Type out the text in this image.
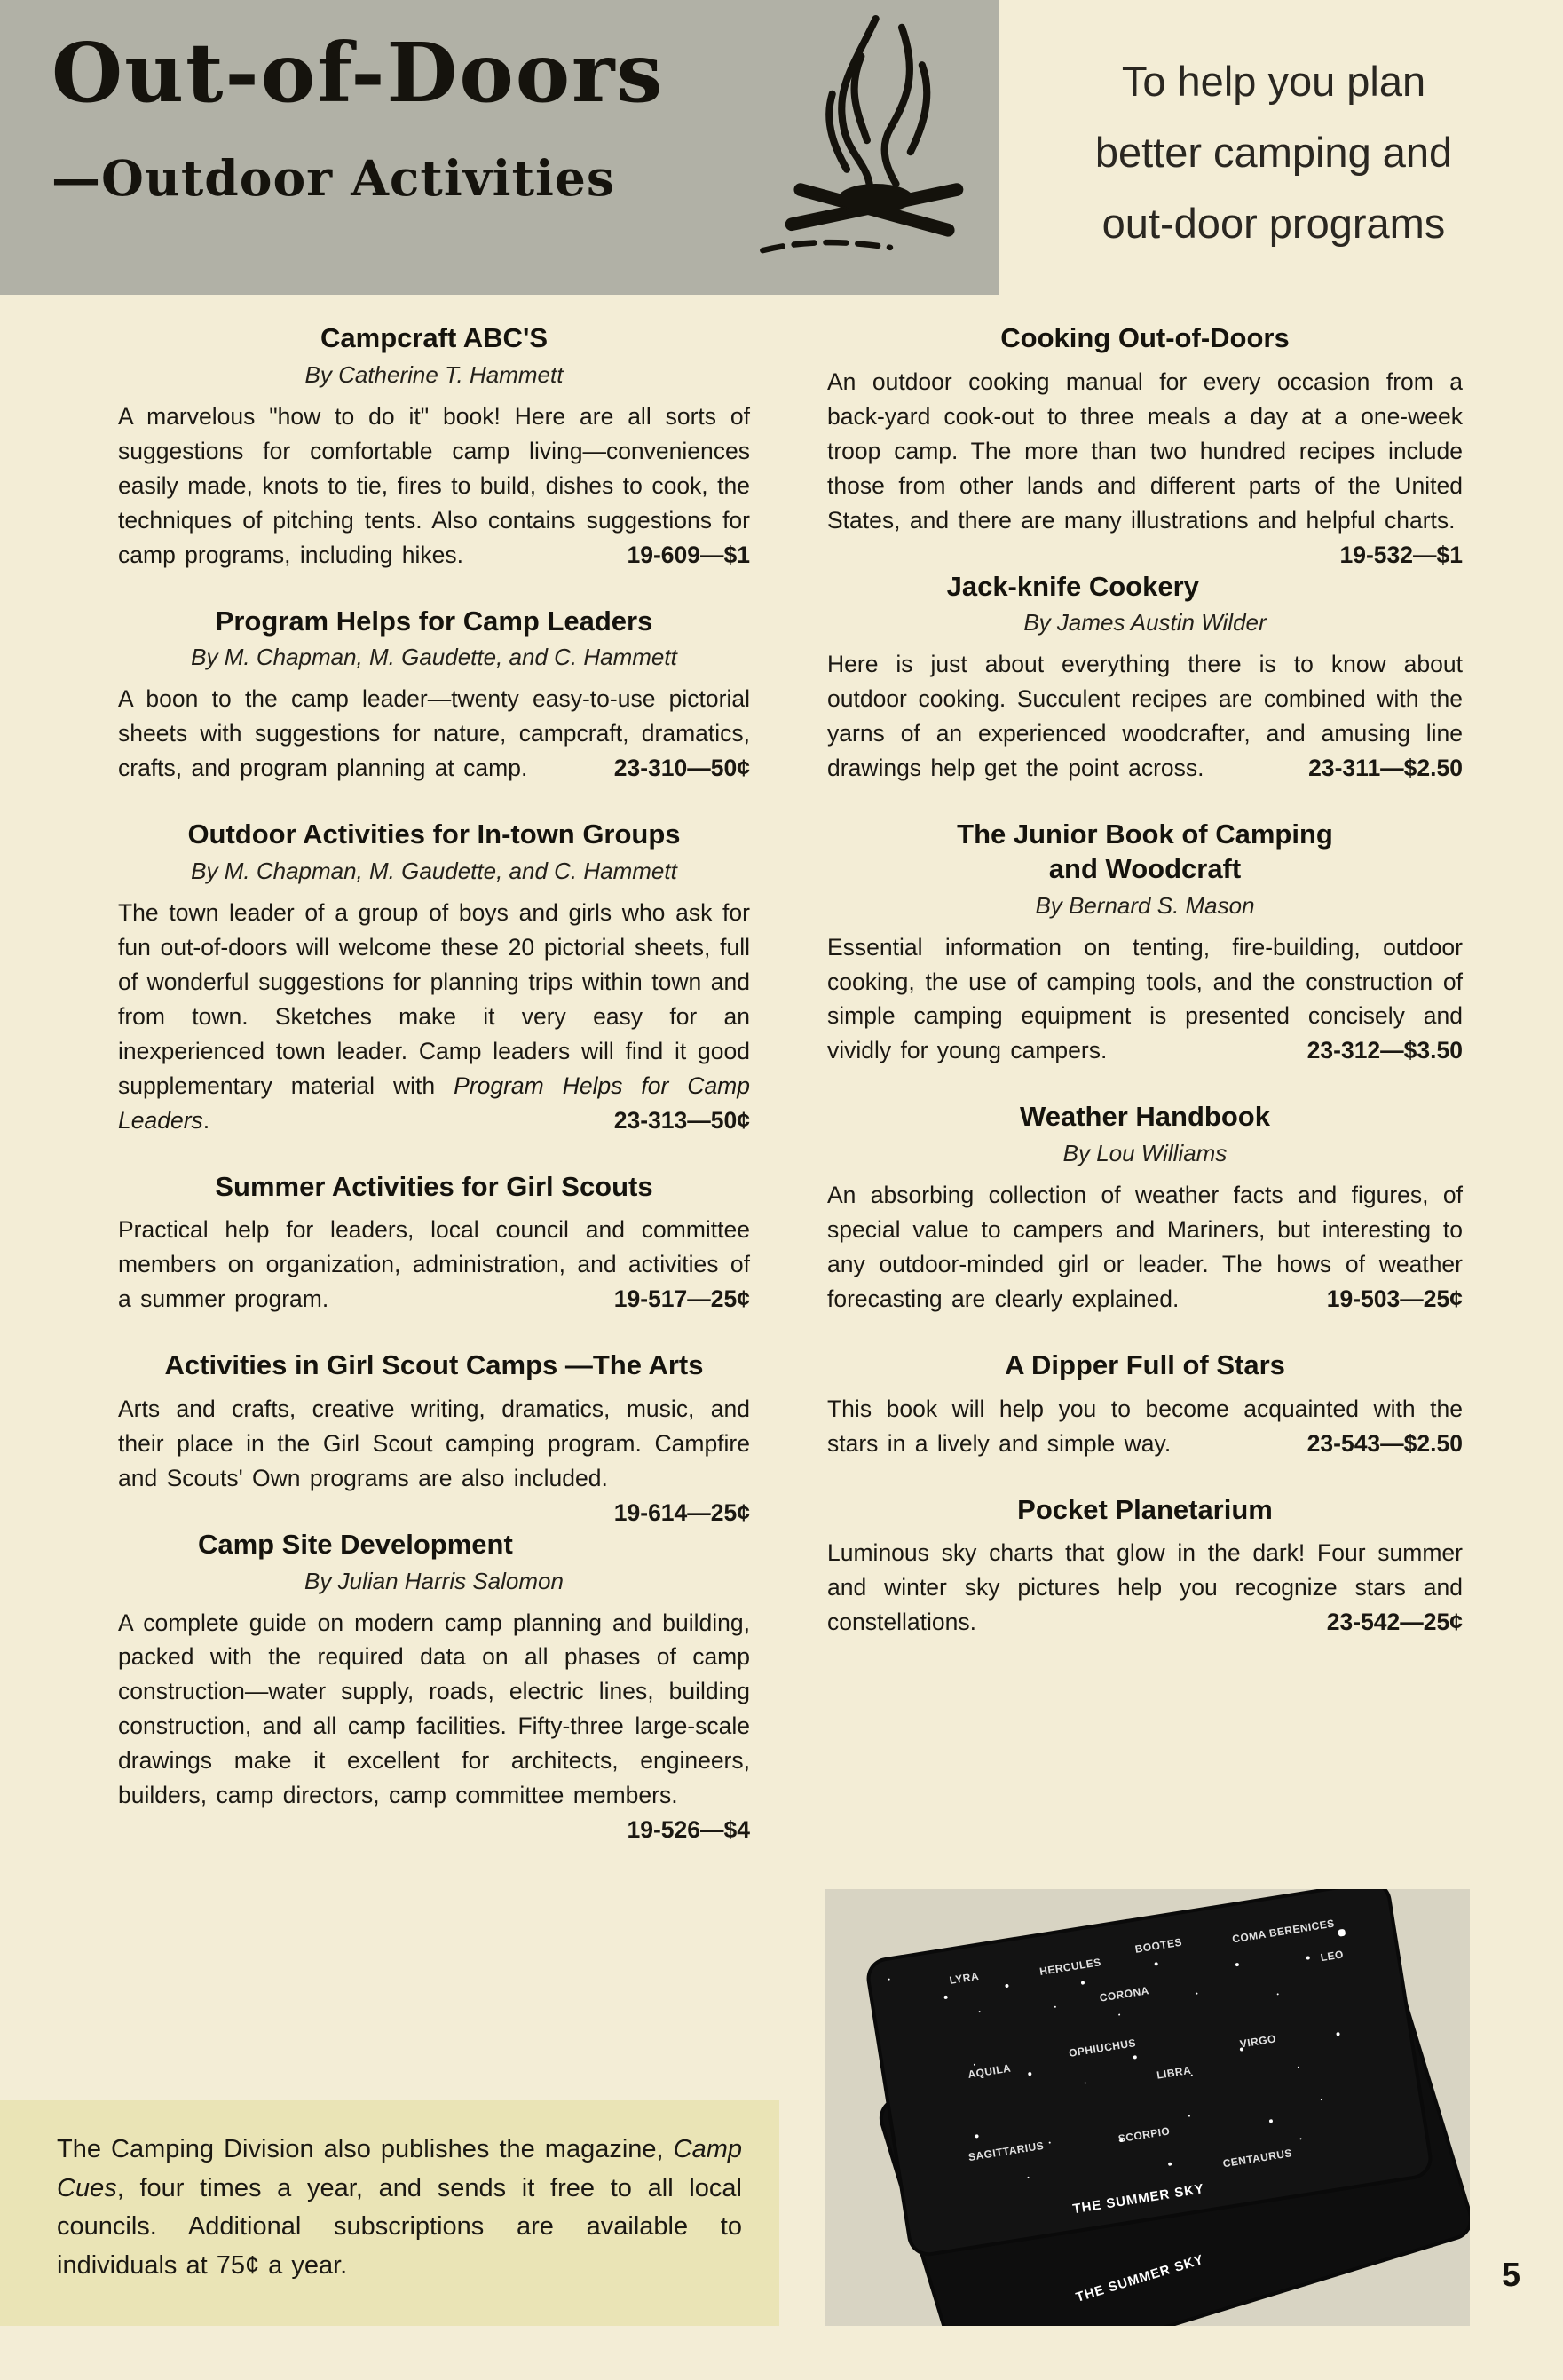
Out-of-Doors
—Outdoor Activities
To help you plan
better camping and
out-door programs
Campcraft ABC'S

By Catherine T. Hammett

A marvelous "how to do it" book! Here are all sorts of suggestions for comfortable camp living—conveniences easily made, knots to tie, fires to build, dishes to cook, the techniques of pitching tents. Also contains suggestions for camp programs, including hikes.	19-609—$1

Program Helps for Camp Leaders

By M. Chapman, M. Gaudette, and C. Hammett

A boon to the camp leader—twenty easy-to-use pictorial sheets with suggestions for nature, campcraft, dramatics, crafts, and program planning at camp.	23-310—50¢

Outdoor Activities for In-town Groups

By M. Chapman, M. Gaudette, and C. Hammett

The town leader of a group of boys and girls who ask for fun out-of-doors will welcome these 20 pictorial sheets, full of wonderful suggestions for planning trips within town and from town. Sketches make it very easy for an inexperienced town leader. Camp leaders will find it good supplementary material with Program Helps for Camp Leaders.	23-313—50¢

Summer Activities for Girl Scouts

Practical help for leaders, local council and committee members on organization, administration, and activities of a summer program.	19-517—25¢

Activities in Girl Scout Camps —The Arts

Arts and crafts, creative writing, dramatics, music, and their place in the Girl Scout camping program. Campfire and Scouts' Own programs are also included.
19-614—25¢

Camp Site Development

By Julian Harris Salomon

A complete guide on modern camp planning and building, packed with the required data on all phases of camp construction—water supply, roads, electric lines, building construction, and all camp facilities. Fifty-three large-scale drawings make it excellent for architects, engineers, builders, camp directors, camp committee members.
19-526—$4

Cooking Out-of-Doors

An outdoor cooking manual for every occasion from a back-yard cook-out to three meals a day at a one-week troop camp. The more than two hundred recipes include those from other lands and different parts of the United States, and there are many illustrations and helpful charts.
19-532—$1

Jack-knife Cookery

By James Austin Wilder

Here is just about everything there is to know about outdoor cooking. Succulent recipes are combined with the yarns of an experienced woodcrafter, and amusing line drawings help get the point across.	23-311—$2.50

The Junior Book of Camping
and Woodcraft

By Bernard S. Mason

Essential information on tenting, fire-building, outdoor cooking, the use of camping tools, and the construction of simple camping equipment is presented concisely and vividly for young campers.	23-312—$3.50

Weather Handbook

By Lou Williams

An absorbing collection of weather facts and figures, of special value to campers and Mariners, but interesting to any outdoor-minded girl or leader. The hows of weather forecasting are clearly explained.	19-503—25¢

A Dipper Full of Stars

This book will help you to become acquainted with the stars in a lively and simple way.	23-543—$2.50

Pocket Planetarium

Luminous sky charts that glow in the dark! Four summer and winter sky pictures help you recognize stars and constellations.	23-542—25¢

The Camping Division also publishes the magazine, Camp Cues, four times a year, and sends it free to all local councils. Additional subscriptions are available to individuals at 75¢ a year.	THE SUMMER SKY
LYRA
HERCULES
BOOTES
COMA BERENICES
CORONA
LEO
AQUILA
OPHIUCHUS
LIBRA
VIRGO
SAGITTARIUS
SCORPIO
CENTAURUS
THE SUMMER SKY
5
